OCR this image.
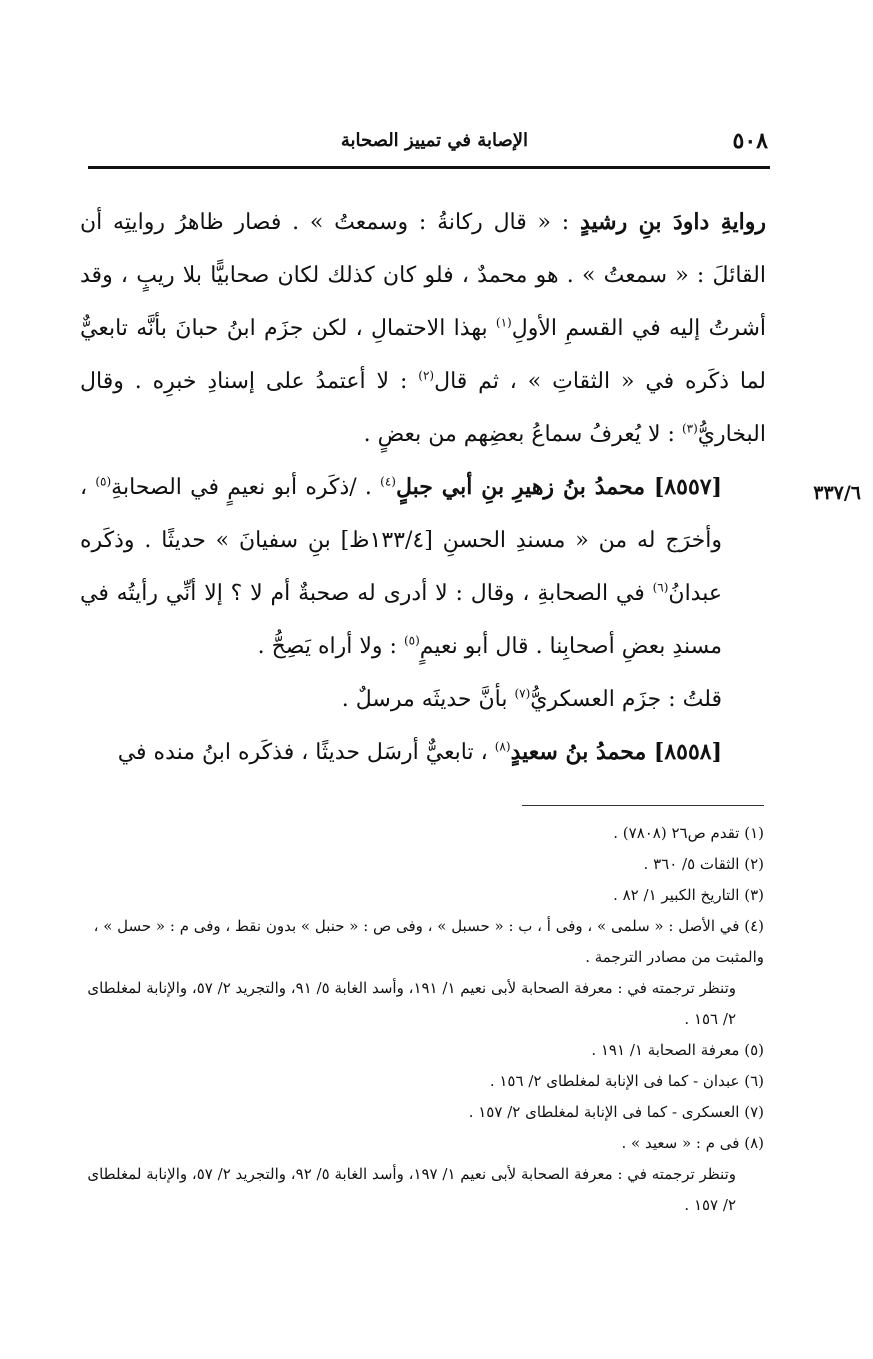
٥٠٨
الإصابة في تمييز الصحابة
٣٣٧/٦

روايةِ داودَ بنِ رشيدٍ : « قال ركانةُ : وسمعتُ » . فصار ظاهرُ روايتِه أن القائلَ : « سمعتُ » . هو محمدٌ ، فلو كان كذلك لكان صحابيًّا بلا ريبٍ ، وقد أشرتُ إليه في القسمِ الأولِ$^{(١)}$ بهذا الاحتمالِ ، لكن جزَم ابنُ حبانَ بأنَّه تابعيٌّ لما ذكَره في « الثقاتِ » ، ثم قال$^{(٢)}$ : لا أعتمدُ على إسنادِ خبرِه . وقال البخاريُّ$^{(٣)}$ : لا يُعرفُ سماعُ بعضِهم من بعضٍ .

[٨٥٥٧] محمدُ بنُ زهيرِ بنِ أبي جبلٍ$^{(٤)}$ . /ذكَره أبو نعيمٍ في الصحابةِ$^{(٥)}$ ، وأخرَج له من « مسندِ الحسنِ [١٣٣/٤ظ] بنِ سفيانَ » حديثًا . وذكَره عبدانُ$^{(٦)}$ في الصحابةِ ، وقال : لا أدرى له صحبةٌ أم لا ؟ إلا أنِّي رأيتُه في مسندِ بعضِ أصحابِنا . قال أبو نعيمٍ$^{(٥)}$ : ولا أراه يَصِحُّ .

قلتُ : جزَم العسكريُّ$^{(٧)}$ بأنَّ حديثَه مرسلٌ .

[٨٥٥٨] محمدُ بنُ سعيدٍ$^{(٨)}$ ، تابعيٌّ أرسَل حديثًا ، فذكَره ابنُ منده في

(١) تقدم ص٢٦ (٧٨٠٨) .

(٢) الثقات ٥/ ٣٦٠ .

(٣) التاريخ الكبير ١/ ٨٢ .

(٤) في الأصل : « سلمى » ، وفى أ ، ب : « حسبل » ، وفى ص : « حنبل » بدون نقط ، وفى م : « حسل » ، والمثبت من مصادر الترجمة .

وتنظر ترجمته في : معرفة الصحابة لأبى نعيم ١/ ١٩١، وأسد الغابة ٥/ ٩١، والتجريد ٢/ ٥٧، والإنابة لمغلطاى ٢/ ١٥٦ .

(٥) معرفة الصحابة ١/ ١٩١ .

(٦) عبدان - كما فى الإنابة لمغلطاى ٢/ ١٥٦ .

(٧) العسكرى - كما فى الإنابة لمغلطاى ٢/ ١٥٧ .

(٨) فى م : « سعيد » .

وتنظر ترجمته في : معرفة الصحابة لأبى نعيم ١/ ١٩٧، وأسد الغابة ٥/ ٩٢، والتجريد ٢/ ٥٧، والإنابة لمغلطاى ٢/ ١٥٧ .
